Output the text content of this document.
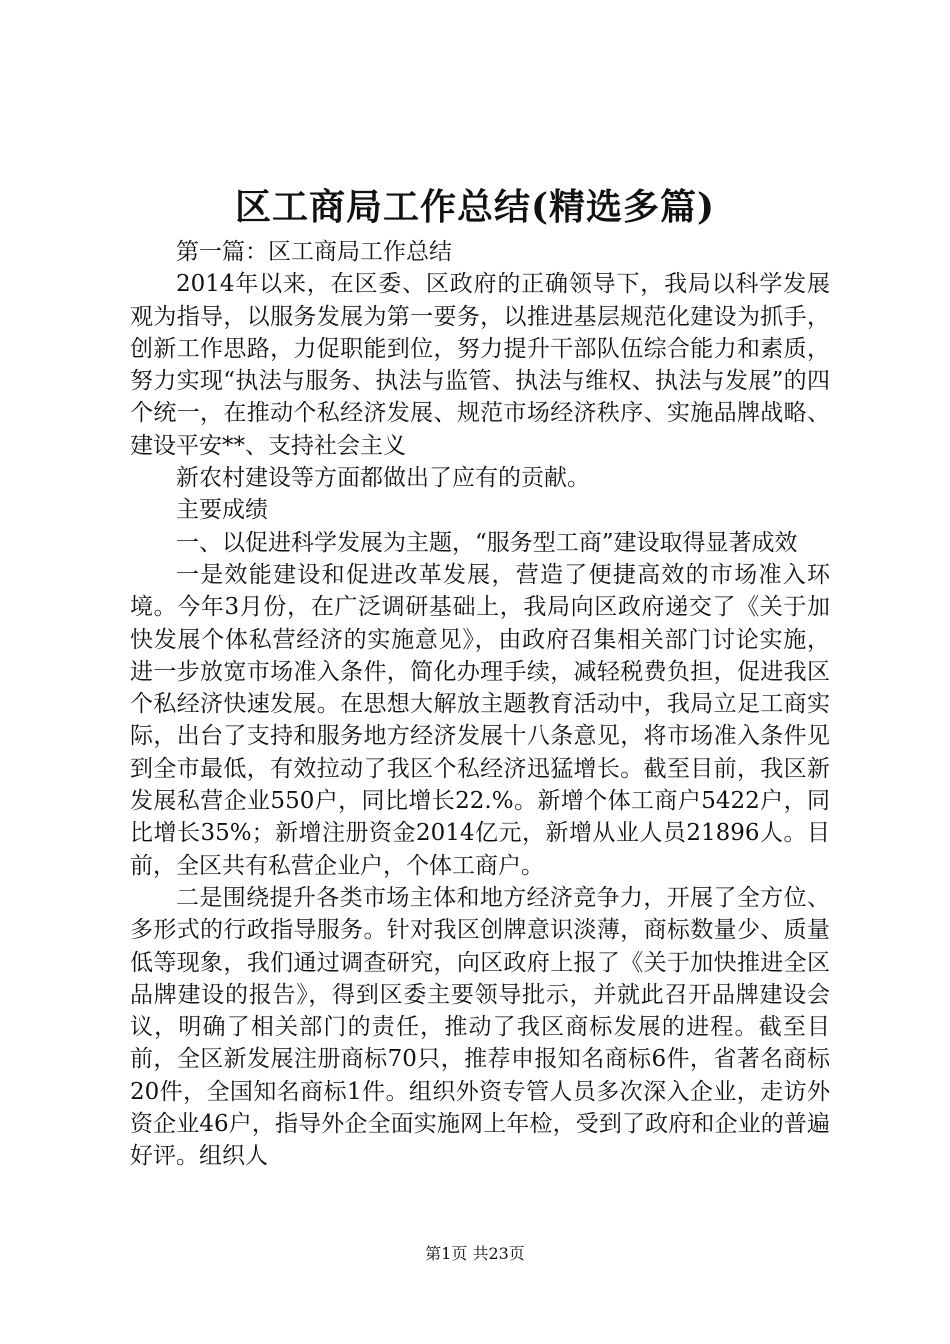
区工商局工作总结(精选多篇)

第一篇：区工商局工作总结

2014年以来，在区委、区政府的正确领导下，我局以科学发展观为指导，以服务发展为第一要务，以推进基层规范化建设为抓手，创新工作思路，力促职能到位，努力提升干部队伍综合能力和素质，努力实现“执法与服务、执法与监管、执法与维权、执法与发展”的四个统一，在推动个私经济发展、规范市场经济秩序、实施品牌战略、建设平安**、支持社会主义

新农村建设等方面都做出了应有的贡献。

主要成绩

一、以促进科学发展为主题，“服务型工商”建设取得显著成效

一是效能建设和促进改革发展，营造了便捷高效的市场准入环境。今年3月份，在广泛调研基础上，我局向区政府递交了《关于加快发展个体私营经济的实施意见》，由政府召集相关部门讨论实施，进一步放宽市场准入条件，简化办理手续，减轻税费负担，促进我区个私经济快速发展。在思想大解放主题教育活动中，我局立足工商实际，出台了支持和服务地方经济发展十八条意见，将市场准入条件见到全市最低，有效拉动了我区个私经济迅猛增长。截至目前，我区新发展私营企业550户，同比增长22.%。新增个体工商户5422户，同比增长35%；新增注册资金2014亿元，新增从业人员21896人。目前，全区共有私营企业户，个体工商户。

二是围绕提升各类市场主体和地方经济竞争力，开展了全方位、多形式的行政指导服务。针对我区创牌意识淡薄，商标数量少、质量低等现象，我们通过调查研究，向区政府上报了《关于加快推进全区品牌建设的报告》，得到区委主要领导批示，并就此召开品牌建设会议，明确了相关部门的责任，推动了我区商标发展的进程。截至目前，全区新发展注册商标70只，推荐申报知名商标6件，省著名商标20件，全国知名商标1件。组织外资专管人员多次深入企业，走访外资企业46户，指导外企全面实施网上年检，受到了政府和企业的普遍好评。组织人

第1页 共23页
